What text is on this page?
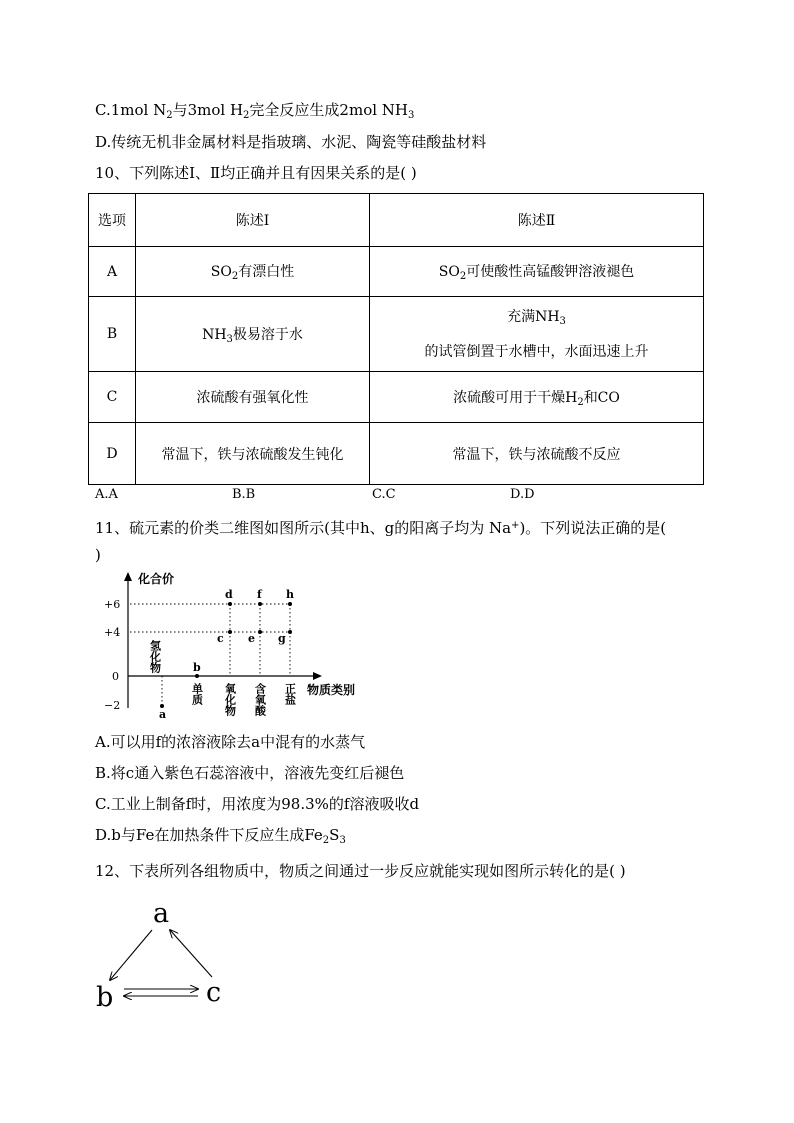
C.1mol $N_2$与3mol $H_2$完全反应生成2mol $NH_3$
D.传统无机非金属材料是指玻璃、水泥、陶瓷等硅酸盐材料
10、下列陈述Ⅰ、Ⅱ均正确并且有因果关系的是( )
选项	陈述Ⅰ	陈述Ⅱ
A	$SO_2$有漂白性	$SO_2$可使酸性高锰酸钾溶液褪色
B	$NH_3$极易溶于水	充满$NH_3$
的试管倒置于水槽中，水面迅速上升
C	浓硫酸有强氧化性	浓硫酸可用于干燥$H_2$和CO
D	常温下，铁与浓硫酸发生钝化	常温下，铁与浓硫酸不反应
A.A	B.B	C.C	D.D
11、硫元素的价类二维图如图所示(其中h、g的阳离子均为 Na+)。下列说法正确的是(
)
化合价
物质类别
+6
+4
0
−2
a
b
c
d
e
f
g
h
氢化物
单质 氧化物 含氧酸 正盐
A.可以用f的浓溶液除去a中混有的水蒸气
B.将c通入紫色石蕊溶液中，溶液先变红后褪色
C.工业上制备f时，用浓度为98.3%的f溶液吸收d
D.b与Fe在加热条件下反应生成$Fe_2S_3$
12、下表所列各组物质中，物质之间通过一步反应就能实现如图所示转化的是( )
a
b	c
